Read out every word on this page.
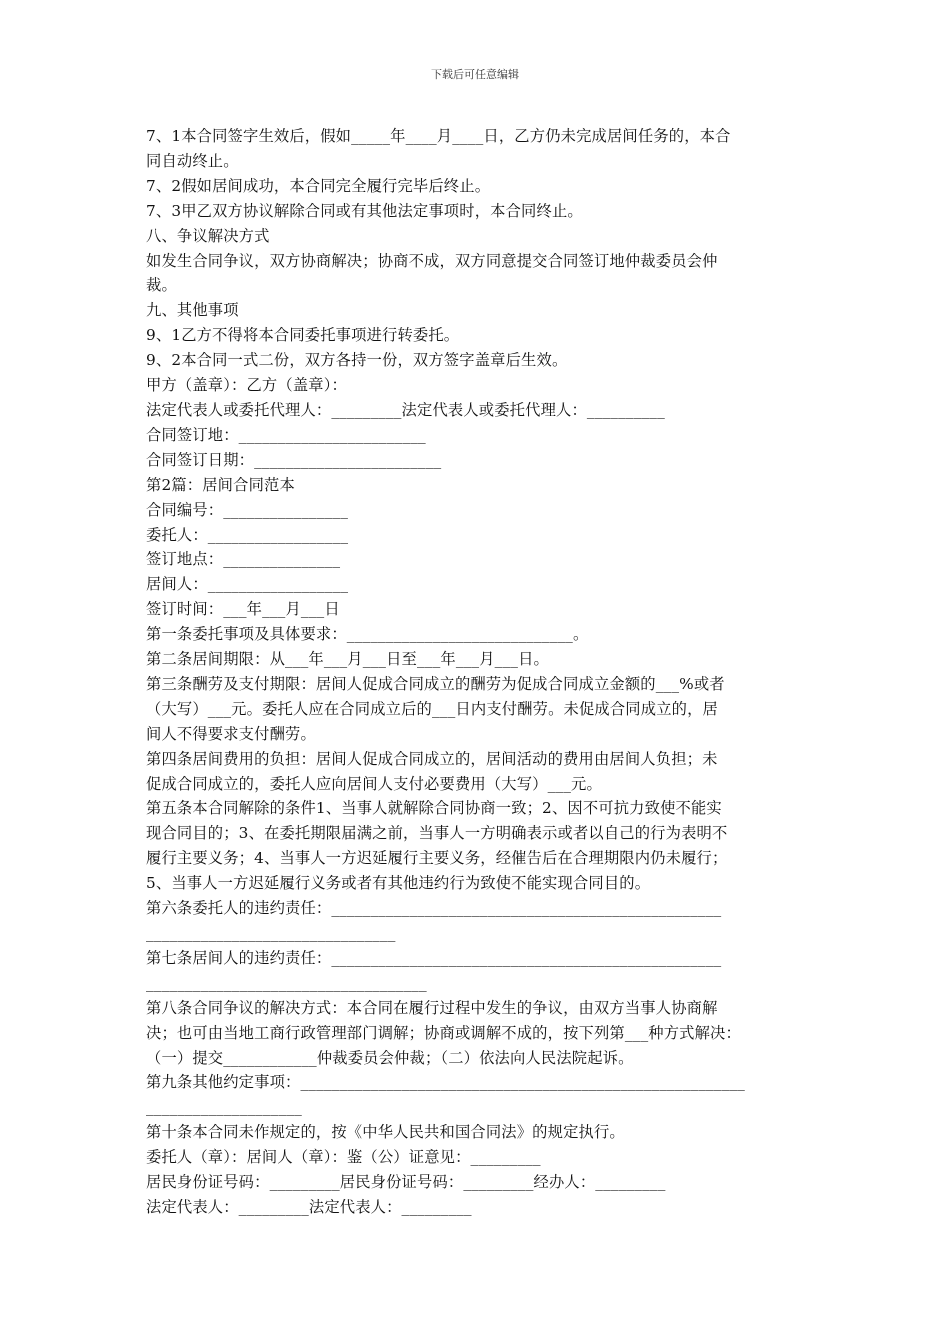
下载后可任意编辑
7、1本合同签字生效后，假如_____年____月____日，乙方仍未完成居间任务的，本合
同自动终止。
7、2假如居间成功，本合同完全履行完毕后终止。
7、3甲乙双方协议解除合同或有其他法定事项时，本合同终止。
八、争议解决方式
如发生合同争议，双方协商解决；协商不成，双方同意提交合同签订地仲裁委员会仲
裁。
九、其他事项
9、1乙方不得将本合同委托事项进行转委托。
9、2本合同一式二份，双方各持一份，双方签字盖章后生效。
甲方（盖章）：乙方（盖章）：
法定代表人或委托代理人：_________法定代表人或委托代理人：__________
合同签订地：________________________
合同签订日期：________________________
第2篇：居间合同范本
合同编号：________________
委托人：__________________
签订地点：_______________
居间人：__________________
签订时间：___年___月___日
第一条委托事项及具体要求：_____________________________。
第二条居间期限：从___年___月___日至___年___月___日。
第三条酬劳及支付期限：居间人促成合同成立的酬劳为促成合同成立金额的___%或者
（大写）___元。委托人应在合同成立后的___日内支付酬劳。未促成合同成立的，居
间人不得要求支付酬劳。
第四条居间费用的负担：居间人促成合同成立的，居间活动的费用由居间人负担；未
促成合同成立的，委托人应向居间人支付必要费用（大写）___元。
第五条本合同解除的条件1、当事人就解除合同协商一致；2、因不可抗力致使不能实
现合同目的；3、在委托期限届满之前，当事人一方明确表示或者以自己的行为表明不
履行主要义务；4、当事人一方迟延履行主要义务，经催告后在合理期限内仍未履行；
5、当事人一方迟延履行义务或者有其他违约行为致使不能实现合同目的。
第六条委托人的违约责任：__________________________________________________
________________________________
第七条居间人的违约责任：__________________________________________________
____________________________________
第八条合同争议的解决方式：本合同在履行过程中发生的争议，由双方当事人协商解
决；也可由当地工商行政管理部门调解；协商或调解不成的，按下列第___种方式解决：
（一）提交____________仲裁委员会仲裁；（二）依法向人民法院起诉。
第九条其他约定事项：_________________________________________________________
____________________
第十条本合同未作规定的，按《中华人民共和国合同法》的规定执行。
委托人（章）：居间人（章）：鉴（公）证意见：_________
居民身份证号码：_________居民身份证号码：_________经办人：_________
法定代表人：_________法定代表人：_________
